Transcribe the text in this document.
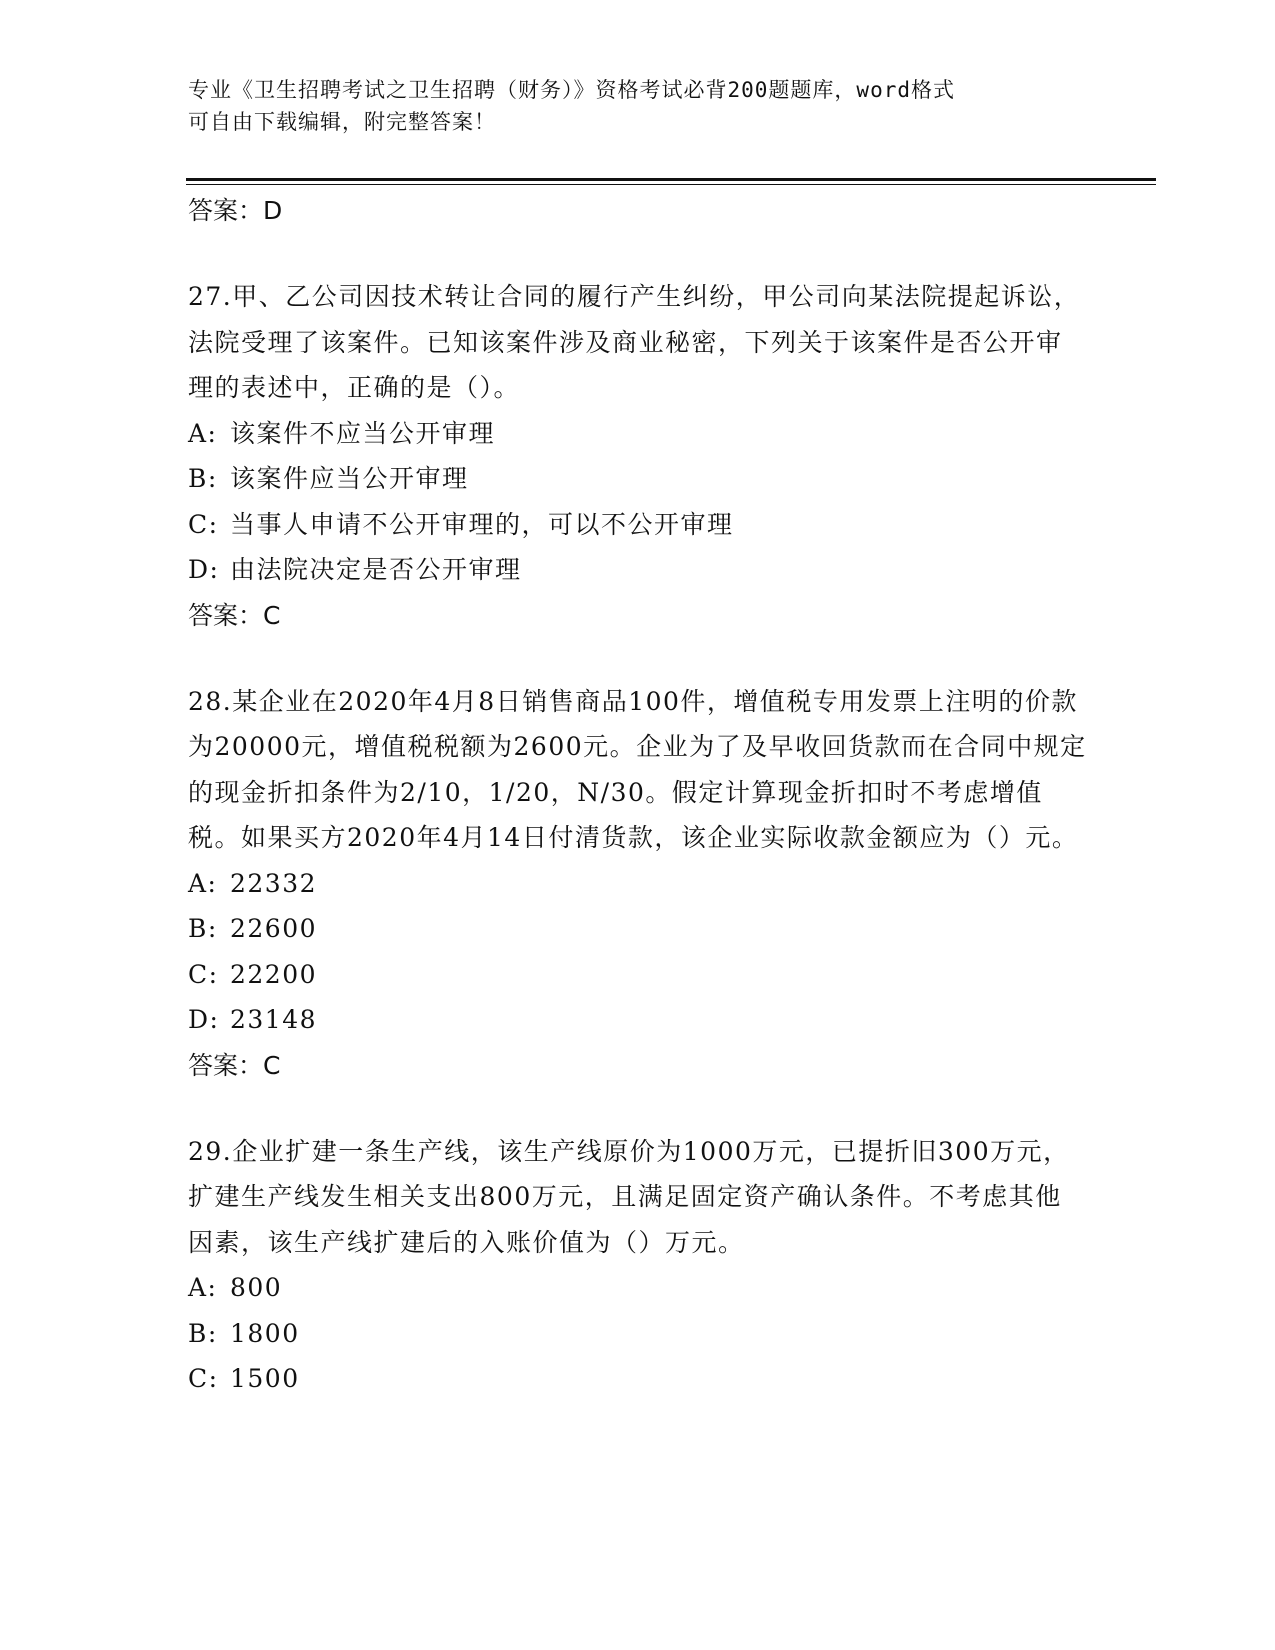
专业《卫生招聘考试之卫生招聘（财务）》资格考试必背200题题库，word格式
可自由下载编辑，附完整答案！

答案：D

27.甲、乙公司因技术转让合同的履行产生纠纷，甲公司向某法院提起诉讼，法院受理了该案件。已知该案件涉及商业秘密，下列关于该案件是否公开审理的表述中，正确的是（）。

A: 该案件不应当公开审理

B: 该案件应当公开审理

C: 当事人申请不公开审理的，可以不公开审理

D: 由法院决定是否公开审理

答案：C

28.某企业在2020年4月8日销售商品100件，增值税专用发票上注明的价款为20000元，增值税税额为2600元。企业为了及早收回货款而在合同中规定的现金折扣条件为2/10，1/20，N/30。假定计算现金折扣时不考虑增值税。如果买方2020年4月14日付清货款，该企业实际收款金额应为（）元。

A: 22332

B: 22600

C: 22200

D: 23148

答案：C

29.企业扩建一条生产线，该生产线原价为1000万元，已提折旧300万元，扩建生产线发生相关支出800万元，且满足固定资产确认条件。不考虑其他因素，该生产线扩建后的入账价值为（）万元。

A: 800

B: 1800

C: 1500
